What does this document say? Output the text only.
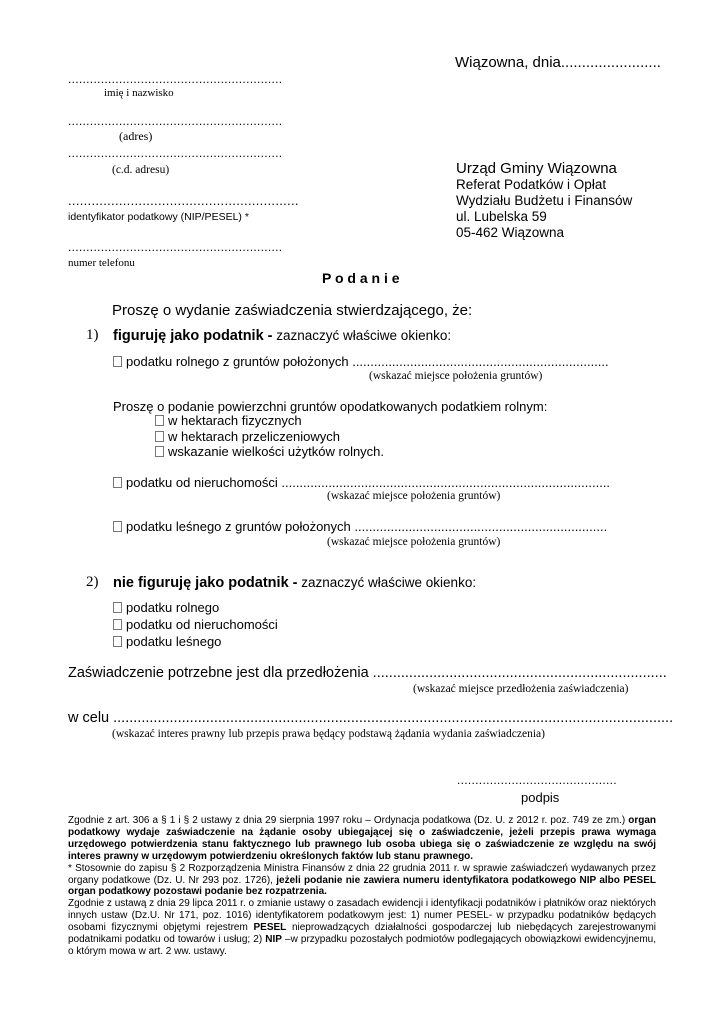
Wiązowna, dnia........................
...........................................................
imię i nazwisko
...........................................................
(adres)
...........................................................
(c.d. adresu)
...........................................................
identyfikator podatkowy (NIP/PESEL) *
...........................................................
numer telefonu
Urząd Gminy Wiązowna
Referat Podatków i Opłat
Wydziału Budżetu i Finansów
ul. Lubelska 59
05-462 Wiązowna
P o d a n i e
Proszę o wydanie zaświadczenia stwierdzającego, że:
1) figuruję jako podatnik - zaznaczyć właściwe okienko:
podatku rolnego z gruntów położonych .......................................................................
(wskazać miejsce położenia gruntów)
Proszę o podanie powierzchni gruntów opodatkowanych podatkiem rolnym:
w hektarach fizycznych
w hektarach przeliczeniowych
wskazanie wielkości użytków rolnych.
podatku od nieruchomości ...........................................................................................
(wskazać miejsce położenia gruntów)
podatku leśnego z gruntów położonych ......................................................................
(wskazać miejsce położenia gruntów)
2) nie figuruję jako podatnik - zaznaczyć właściwe okienko:
podatku rolnego
podatku od nieruchomości
podatku leśnego
Zaświadczenie potrzebne jest dla przedłożenia .........................................................................
(wskazać miejsce przedłożenia zaświadczenia)
w celu ...........................................................................................................................................
(wskazać interes prawny lub przepis prawa będący podstawą żądania wydania zaświadczenia)
............................................
podpis

Zgodnie z art. 306 a § 1 i § 2 ustawy z dnia 29 sierpnia 1997 roku – Ordynacja podatkowa (Dz. U. z 2012 r. poz. 749 ze zm.) organ podatkowy wydaje zaświadczenie na żądanie osoby ubiegającej się o zaświadczenie, jeżeli przepis prawa wymaga urzędowego potwierdzenia stanu faktycznego lub prawnego lub osoba ubiega się o zaświadczenie ze względu na swój interes prawny w urzędowym potwierdzeniu określonych faktów lub stanu prawnego.

* Stosownie do zapisu § 2 Rozporządzenia Ministra Finansów z dnia 22 grudnia 2011 r. w sprawie zaświadczeń wydawanych przez organy podatkowe (Dz. U. Nr 293 poz. 1726), jeżeli podanie nie zawiera numeru identyfikatora podatkowego NIP albo PESEL organ podatkowy pozostawi podanie bez rozpatrzenia.

Zgodnie z ustawą z dnia 29 lipca 2011 r. o zmianie ustawy o zasadach ewidencji i identyfikacji podatników i płatników oraz niektórych innych ustaw (Dz.U. Nr 171, poz. 1016) identyfikatorem podatkowym jest: 1) numer PESEL- w przypadku podatników będących osobami fizycznymi objętymi rejestrem PESEL nieprowadzących działalności gospodarczej lub niebędących zarejestrowanymi podatnikami podatku od towarów i usług; 2) NIP –w przypadku pozostałych podmiotów podlegających obowiązkowi ewidencyjnemu, o którym mowa w art. 2 ww. ustawy.
